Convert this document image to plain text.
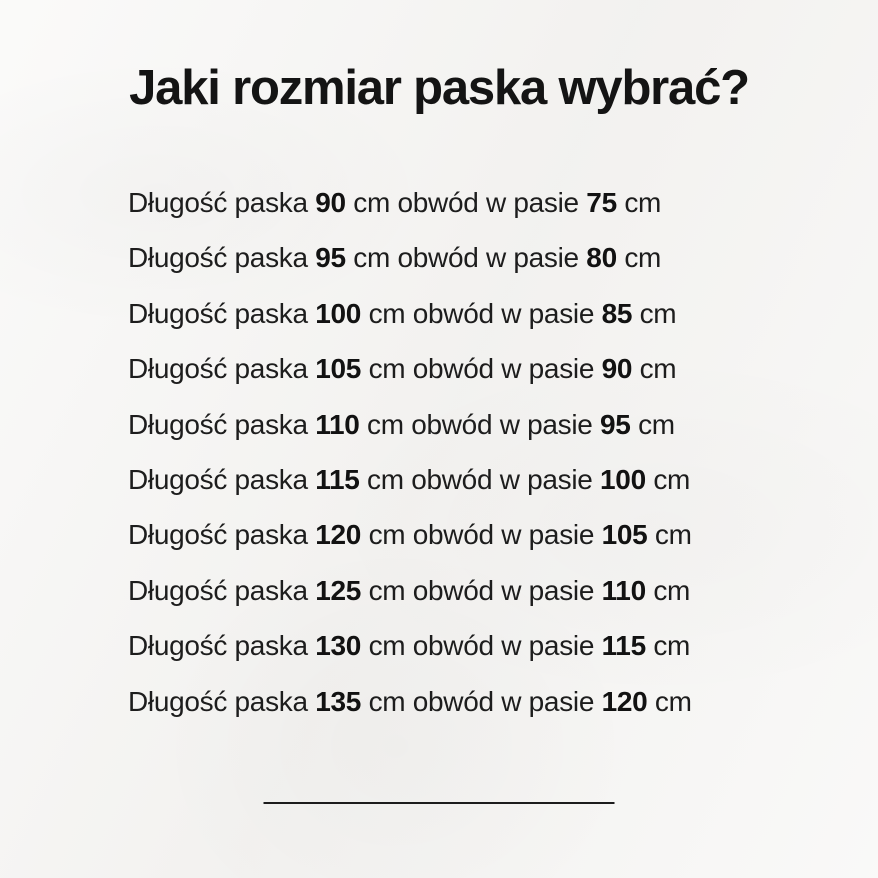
Jaki rozmiar paska wybrać?

Długość paska 90 cm obwód w pasie 75 cm

Długość paska 95 cm obwód w pasie 80 cm

Długość paska 100 cm obwód w pasie 85 cm

Długość paska 105 cm obwód w pasie 90 cm

Długość paska 110 cm obwód w pasie 95 cm

Długość paska 115 cm obwód w pasie 100 cm

Długość paska 120 cm obwód w pasie 105 cm

Długość paska 125 cm obwód w pasie 110 cm

Długość paska 130 cm obwód w pasie 115 cm

Długość paska 135 cm obwód w pasie 120 cm
